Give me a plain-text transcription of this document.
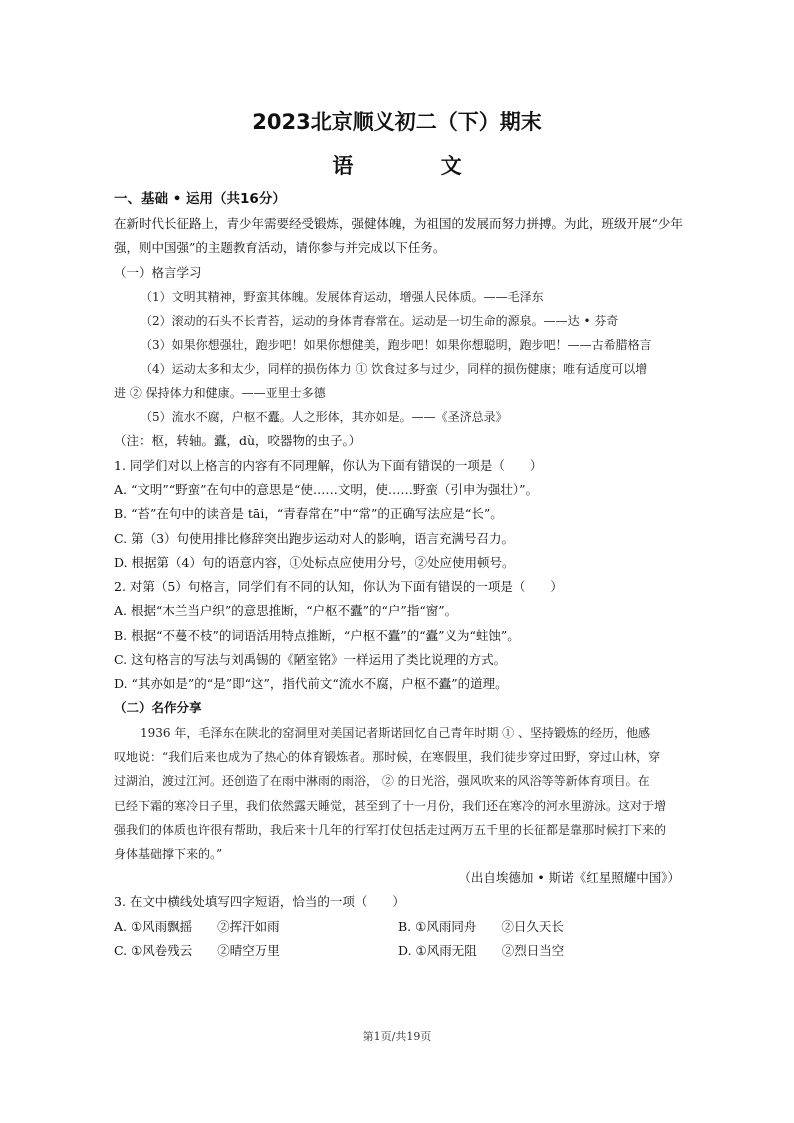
2023北京顺义初二（下）期末
语 文
一、基础 • 运用（共16分）
在新时代长征路上，青少年需要经受锻炼，强健体魄，为祖国的发展而努力拼搏。为此，班级开展“少年
强，则中国强”的主题教育活动，请你参与并完成以下任务。
（一）格言学习
（1）文明其精神，野蛮其体魄。发展体育运动，增强人民体质。——毛泽东
（2）滚动的石头不长青苔，运动的身体青春常在。运动是一切生命的源泉。——达 • 芬奇
（3）如果你想强壮，跑步吧！如果你想健美，跑步吧！如果你想聪明，跑步吧！——古希腊格言
（4）运动太多和太少，同样的损伤体力 ① 饮食过多与过少，同样的损伤健康；唯有适度可以增
进 ② 保持体力和健康。——亚里士多德
（5）流水不腐，户枢不蠹。人之形体，其亦如是。——《圣济总录》
（注：枢，转轴。蠹，dù，咬器物的虫子。）
1. 同学们对以上格言的内容有不同理解，你认为下面有错误的一项是（　　）
A. “文明”“野蛮”在句中的意思是“使……文明，使……野蛮（引申为强壮）”。
B. “苔”在句中的读音是 tāi，“青春常在”中“常”的正确写法应是“长”。
C. 第（3）句使用排比修辞突出跑步运动对人的影响，语言充满号召力。
D. 根据第（4）句的语意内容，①处标点应使用分号，②处应使用顿号。
2. 对第（5）句格言，同学们有不同的认知，你认为下面有错误的一项是（　　）
A. 根据“木兰当户织”的意思推断，“户枢不蠹”的“户”指“窗”。
B. 根据“不蔓不枝”的词语活用特点推断，“户枢不蠹”的“蠹”义为“蛀蚀”。
C. 这句格言的写法与刘禹锡的《陋室铭》一样运用了类比说理的方式。
D. “其亦如是”的“是”即“这”，指代前文“流水不腐，户枢不蠹”的道理。
（二）名作分享
1936 年，毛泽东在陕北的窑洞里对美国记者斯诺回忆自己青年时期 ① 、坚持锻炼的经历，他感
叹地说：“我们后来也成为了热心的体育锻炼者。那时候，在寒假里，我们徒步穿过田野，穿过山林，穿
过湖泊，渡过江河。还创造了在雨中淋雨的雨浴， ② 的日光浴，强风吹来的风浴等等新体育项目。在
已经下霜的寒冷日子里，我们依然露天睡觉，甚至到了十一月份，我们还在寒冷的河水里游泳。这对于增
强我们的体质也许很有帮助，我后来十几年的行军打仗包括走过两万五千里的长征都是靠那时候打下来的
身体基础撑下来的。”
（出自埃德加 • 斯诺《红星照耀中国》）
3. 在文中横线处填写四字短语，恰当的一项（　　）
A. ①风雨飘摇　　②挥汗如雨	B. ①风雨同舟　　②日久天长
C. ①风卷残云　　②晴空万里	D. ①风雨无阻　　②烈日当空
第1页/共19页
